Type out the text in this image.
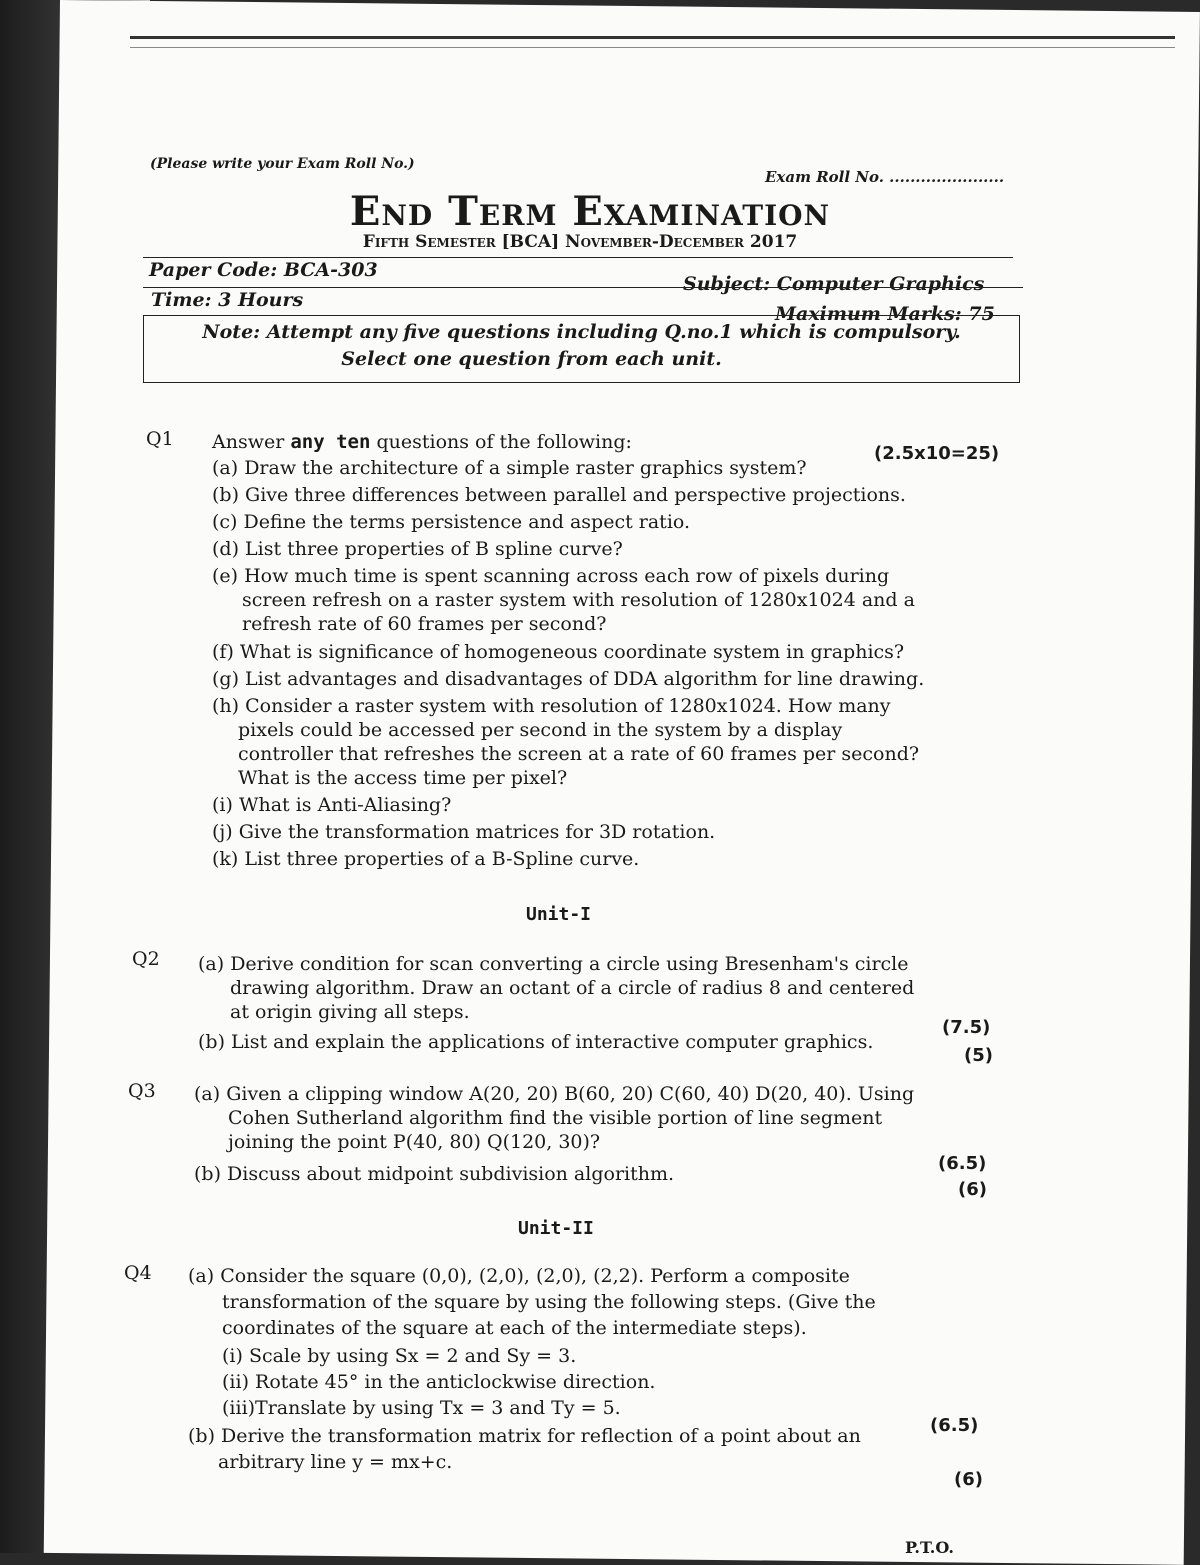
(Please write your Exam Roll No.)
Exam Roll No. ......................
End Term Examination
Fifth Semester [BCA] November-December 2017
Paper Code: BCA-303
Subject: Computer Graphics
Time: 3 Hours
Maximum Marks: 75
Note: Attempt any five questions including Q.no.1 which is compulsory.
Select one question from each unit.
Q1 Answer any ten questions of the following:
(2.5x10=25)
(a) Draw the architecture of a simple raster graphics system?
(b) Give three differences between parallel and perspective projections.
(c) Define the terms persistence and aspect ratio.
(d) List three properties of B spline curve?
(e) How much time is spent scanning across each row of pixels during
screen refresh on a raster system with resolution of 1280x1024 and a
refresh rate of 60 frames per second?
(f) What is significance of homogeneous coordinate system in graphics?
(g) List advantages and disadvantages of DDA algorithm for line drawing.
(h) Consider a raster system with resolution of 1280x1024. How many
pixels could be accessed per second in the system by a display
controller that refreshes the screen at a rate of 60 frames per second?
What is the access time per pixel?
(i) What is Anti-Aliasing?
(j) Give the transformation matrices for 3D rotation.
(k) List three properties of a B-Spline curve.
Unit-I
Q2 (a) Derive condition for scan converting a circle using Bresenham's circle
drawing algorithm. Draw an octant of a circle of radius 8 and centered
at origin giving all steps.
(7.5)
(b) List and explain the applications of interactive computer graphics.
(5)
Q3 (a) Given a clipping window A(20, 20) B(60, 20) C(60, 40) D(20, 40). Using
Cohen Sutherland algorithm find the visible portion of line segment
joining the point P(40, 80) Q(120, 30)?
(6.5)
(b) Discuss about midpoint subdivision algorithm.
(6)
Unit-II
Q4 (a) Consider the square (0,0), (2,0), (2,0), (2,2). Perform a composite
transformation of the square by using the following steps. (Give the
coordinates of the square at each of the intermediate steps).
(i) Scale by using Sx = 2 and Sy = 3.
(ii) Rotate 45° in the anticlockwise direction.
(iii)Translate by using Tx = 3 and Ty = 5.
(6.5)
(b) Derive the transformation matrix for reflection of a point about an
arbitrary line y = mx+c.
(6)
P.T.O.
